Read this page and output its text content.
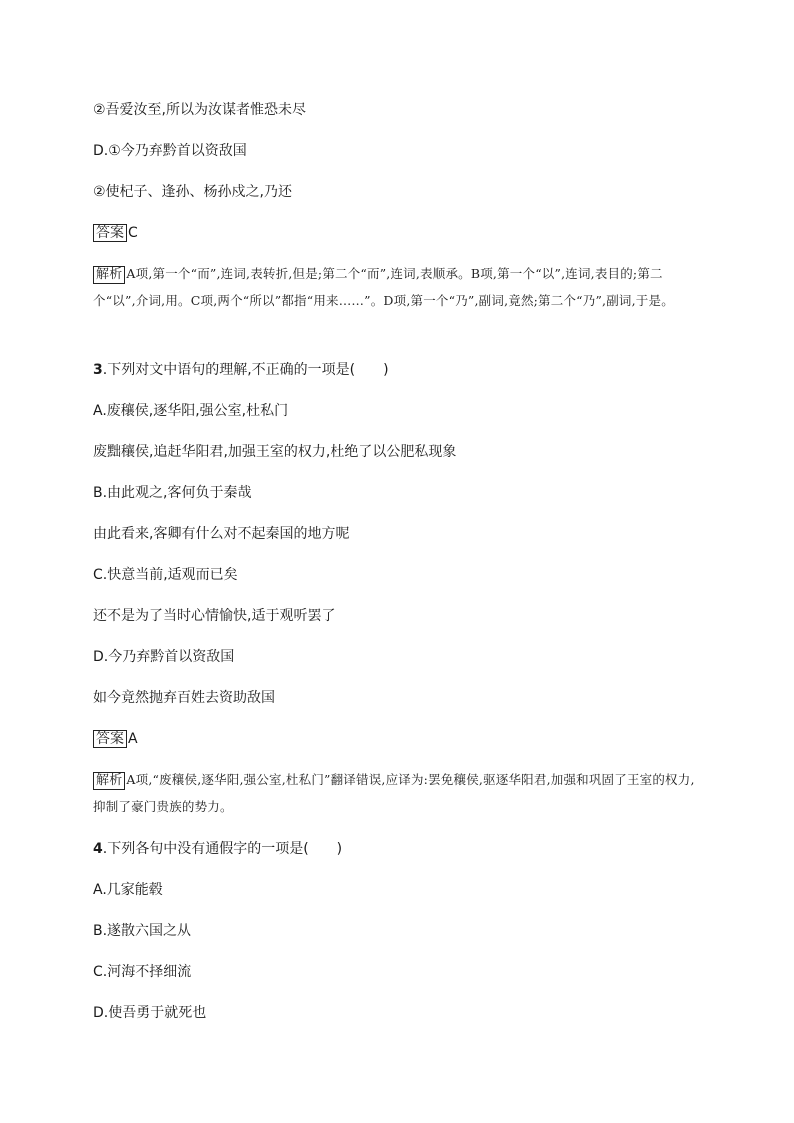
②吾爱汝至,所以为汝谋者惟恐未尽
D.①今乃弃黔首以资敌国
②使杞子、逢孙、杨孙戍之,乃还
答案 C
解析 A项,第一个“而”,连词,表转折,但是;第二个“而”,连词,表顺承。B项,第一个“以”,连词,表目的;第二个“以”,介词,用。C项,两个“所以”都指“用来……”。D项,第一个“乃”,副词,竟然;第二个“乃”,副词,于是。
3.下列对文中语句的理解,不正确的一项是(　　)
A.废穰侯,逐华阳,强公室,杜私门
废黜穰侯,追赶华阳君,加强王室的权力,杜绝了以公肥私现象
B.由此观之,客何负于秦哉
由此看来,客卿有什么对不起秦国的地方呢
C.快意当前,适观而已矣
还不是为了当时心情愉快,适于观听罢了
D.今乃弃黔首以资敌国
如今竟然抛弃百姓去资助敌国
答案 A
解析 A项,“废穰侯,逐华阳,强公室,杜私门”翻译错误,应译为:罢免穰侯,驱逐华阳君,加强和巩固了王室的权力,抑制了豪门贵族的势力。
4.下列各句中没有通假字的一项是(　　)
A.几家能毂
B.遂散六国之从
C.河海不择细流
D.使吾勇于就死也
